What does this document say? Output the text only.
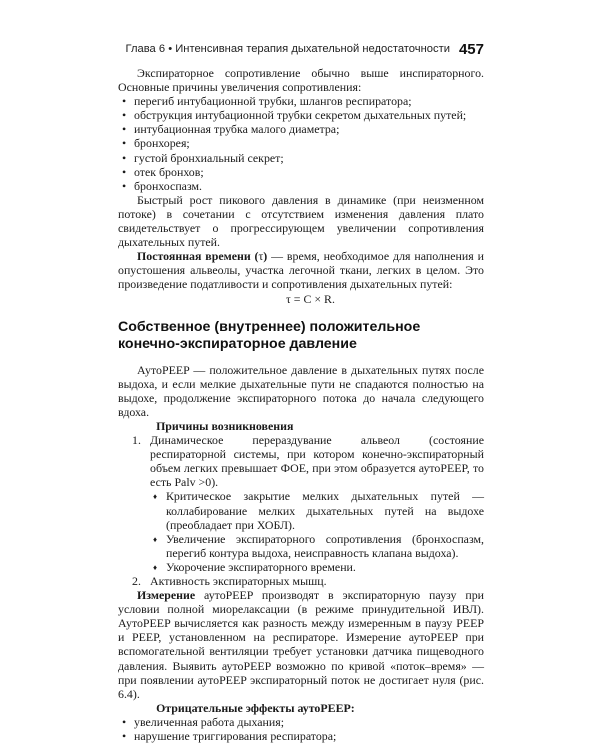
Глава 6 • Интенсивная терапия дыхательной недостаточности 457

Экспираторное сопротивление обычно выше инспираторного. Основные причины увеличения сопротивления:

• перегиб интубационной трубки, шлангов респиратора;
• обструкция интубационной трубки секретом дыхательных путей;
• интубационная трубка малого диаметра;
• бронхорея;
• густой бронхиальный секрет;
• отек бронхов;
• бронхоспазм.

Быстрый рост пикового давления в динамике (при неизменном потоке) в сочетании с отсутствием изменения давления плато свидетельствует о прогрессирующем увеличении сопротивления дыхательных путей.

Постоянная времени (τ) — время, необходимое для наполнения и опустошения альвеолы, участка легочной ткани, легких в целом. Это произведение податливости и сопротивления дыхательных путей:

τ = C × R.

Собственное (внутреннее) положительное конечно-экспираторное давление

АутоPEEP — положительное давление в дыхательных путях после выдоха, и если мелкие дыхательные пути не спадаются полностью на выдохе, продолжение экспираторного потока до начала следующего вдоха.

Причины возникновения

1. Динамическое перераздувание альвеол (состояние респираторной системы, при котором конечно-экспираторный объем легких превышает ФОЕ, при этом образуется аутоPEEP, то есть Palv >0).
♦ Критическое закрытие мелких дыхательных путей — коллабирование мелких дыхательных путей на выдохе (преобладает при ХОБЛ).
♦ Увеличение экспираторного сопротивления (бронхоспазм, перегиб контура выдоха, неисправность клапана выдоха).
♦ Укорочение экспираторного времени.
2. Активность экспираторных мышц.

Измерение аутоPEEP производят в экспираторную паузу при условии полной миорелаксации (в режиме принудительной ИВЛ). АутоPEEP вычисляется как разность между измеренным в паузу PEEP и PEEP, установленном на респираторе. Измерение аутоPEEP при вспомогательной вентиляции требует установки датчика пищеводного давления. Выявить аутоPEEP возможно по кривой «поток–время» — при появлении аутоPEEP экспираторный поток не достигает нуля (рис. 6.4).

Отрицательные эффекты аутоPEEP:

• увеличенная работа дыхания;
• нарушение триггирования респиратора;
